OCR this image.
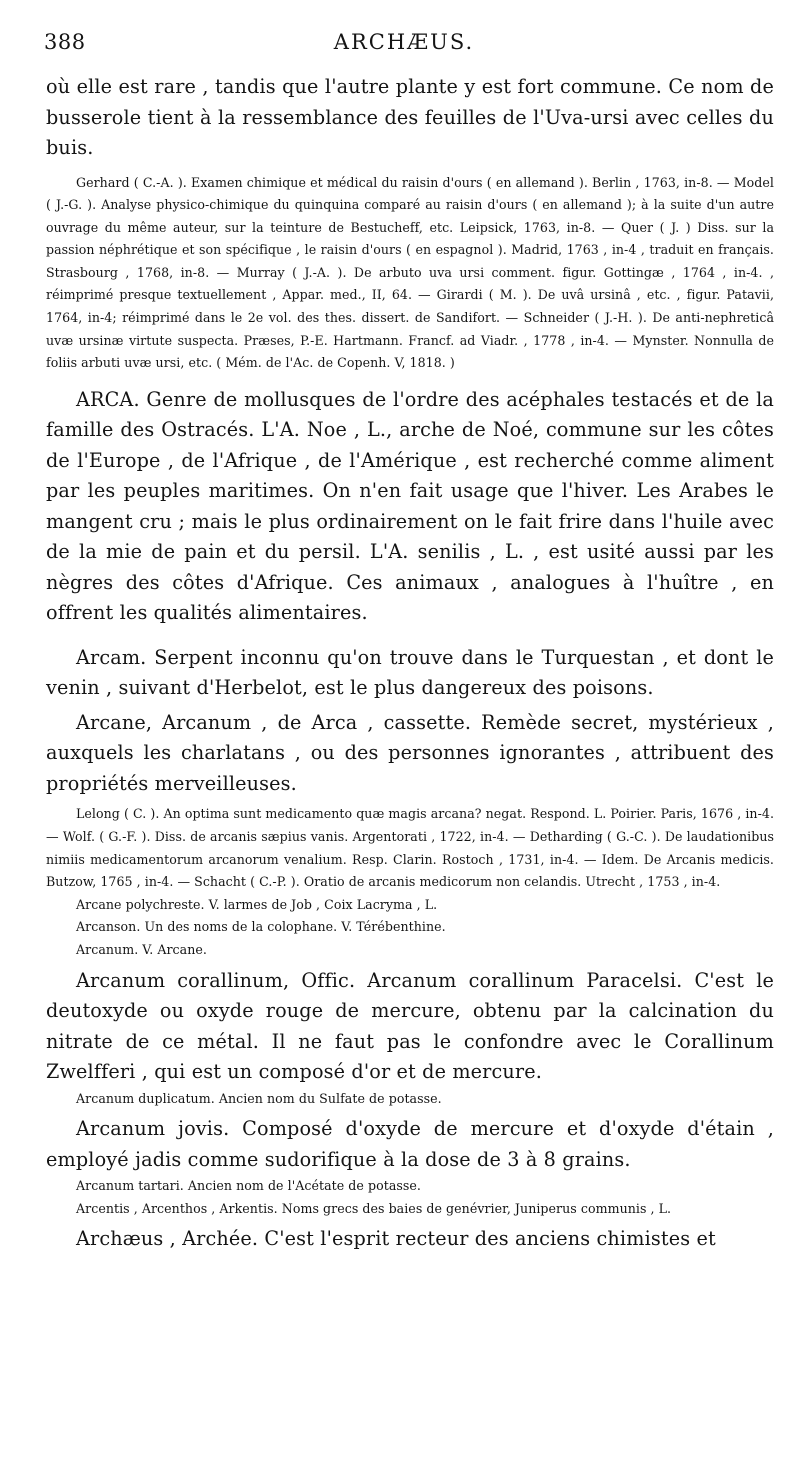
388	ARCHÆUS.

où elle est rare , tandis que l'autre plante y est fort commune. Ce nom de busserole tient à la ressemblance des feuilles de l'Uva-ursi avec celles du buis.

Gerhard ( C.-A. ). Examen chimique et médical du raisin d'ours ( en allemand ). Berlin , 1763, in-8. — Model ( J.-G. ). Analyse physico-chimique du quinquina comparé au raisin d'ours ( en allemand ); à la suite d'un autre ouvrage du même auteur, sur la teinture de Bestucheff, etc. Leipsick, 1763, in-8. — Quer ( J. ) Diss. sur la passion néphrétique et son spécifique , le raisin d'ours ( en espagnol ). Madrid, 1763 , in-4 , traduit en français. Strasbourg , 1768, in-8. — Murray ( J.-A. ). De arbuto uva ursi comment. figur. Gottingæ , 1764 , in-4. , réimprimé presque textuellement , Appar. med., II, 64. — Girardi ( M. ). De uvâ ursinâ , etc. , figur. Patavii, 1764, in-4; réimprimé dans le 2e vol. des thes. dissert. de Sandifort. — Schneider ( J.-H. ). De anti-nephreticâ uvæ ursinæ virtute suspecta. Præses, P.-E. Hartmann. Francf. ad Viadr. , 1778 , in-4. — Mynster. Nonnulla de foliis arbuti uvæ ursi, etc. ( Mém. de l'Ac. de Copenh. V, 1818. )

ARCA. Genre de mollusques de l'ordre des acéphales testacés et de la famille des Ostracés. L'A. Noe , L., arche de Noé, commune sur les côtes de l'Europe , de l'Afrique , de l'Amérique , est recherché comme aliment par les peuples maritimes. On n'en fait usage que l'hiver. Les Arabes le mangent cru ; mais le plus ordinairement on le fait frire dans l'huile avec de la mie de pain et du persil. L'A. senilis , L. , est usité aussi par les nègres des côtes d'Afrique. Ces animaux , analogues à l'huître , en offrent les qualités alimentaires.

Arcam. Serpent inconnu qu'on trouve dans le Turquestan , et dont le venin , suivant d'Herbelot, est le plus dangereux des poisons.

Arcane, Arcanum , de Arca , cassette. Remède secret, mystérieux , auxquels les charlatans , ou des personnes ignorantes , attribuent des propriétés merveilleuses.

Lelong ( C. ). An optima sunt medicamento quæ magis arcana? negat. Respond. L. Poirier. Paris, 1676 , in-4. — Wolf. ( G.-F. ). Diss. de arcanis sæpius vanis. Argentorati , 1722, in-4. — Detharding ( G.-C. ). De laudationibus nimiis medicamentorum arcanorum venalium. Resp. Clarin. Rostoch , 1731, in-4. — Idem. De Arcanis medicis. Butzow, 1765 , in-4. — Schacht ( C.-P. ). Oratio de arcanis medicorum non celandis. Utrecht , 1753 , in-4.

Arcane polychreste. V. larmes de Job , Coix Lacryma , L.

Arcanson. Un des noms de la colophane. V. Térébenthine.

Arcanum. V. Arcane.

Arcanum corallinum, Offic. Arcanum corallinum Paracelsi. C'est le deutoxyde ou oxyde rouge de mercure, obtenu par la calcination du nitrate de ce métal. Il ne faut pas le confondre avec le Corallinum Zwelfferi , qui est un composé d'or et de mercure.

Arcanum duplicatum. Ancien nom du Sulfate de potasse.

Arcanum jovis. Composé d'oxyde de mercure et d'oxyde d'étain , employé jadis comme sudorifique à la dose de 3 à 8 grains.

Arcanum tartari. Ancien nom de l'Acétate de potasse.

Arcentis , Arcenthos , Arkentis. Noms grecs des baies de genévrier, Juniperus communis , L.

Archæus , Archée. C'est l'esprit recteur des anciens chimistes et
